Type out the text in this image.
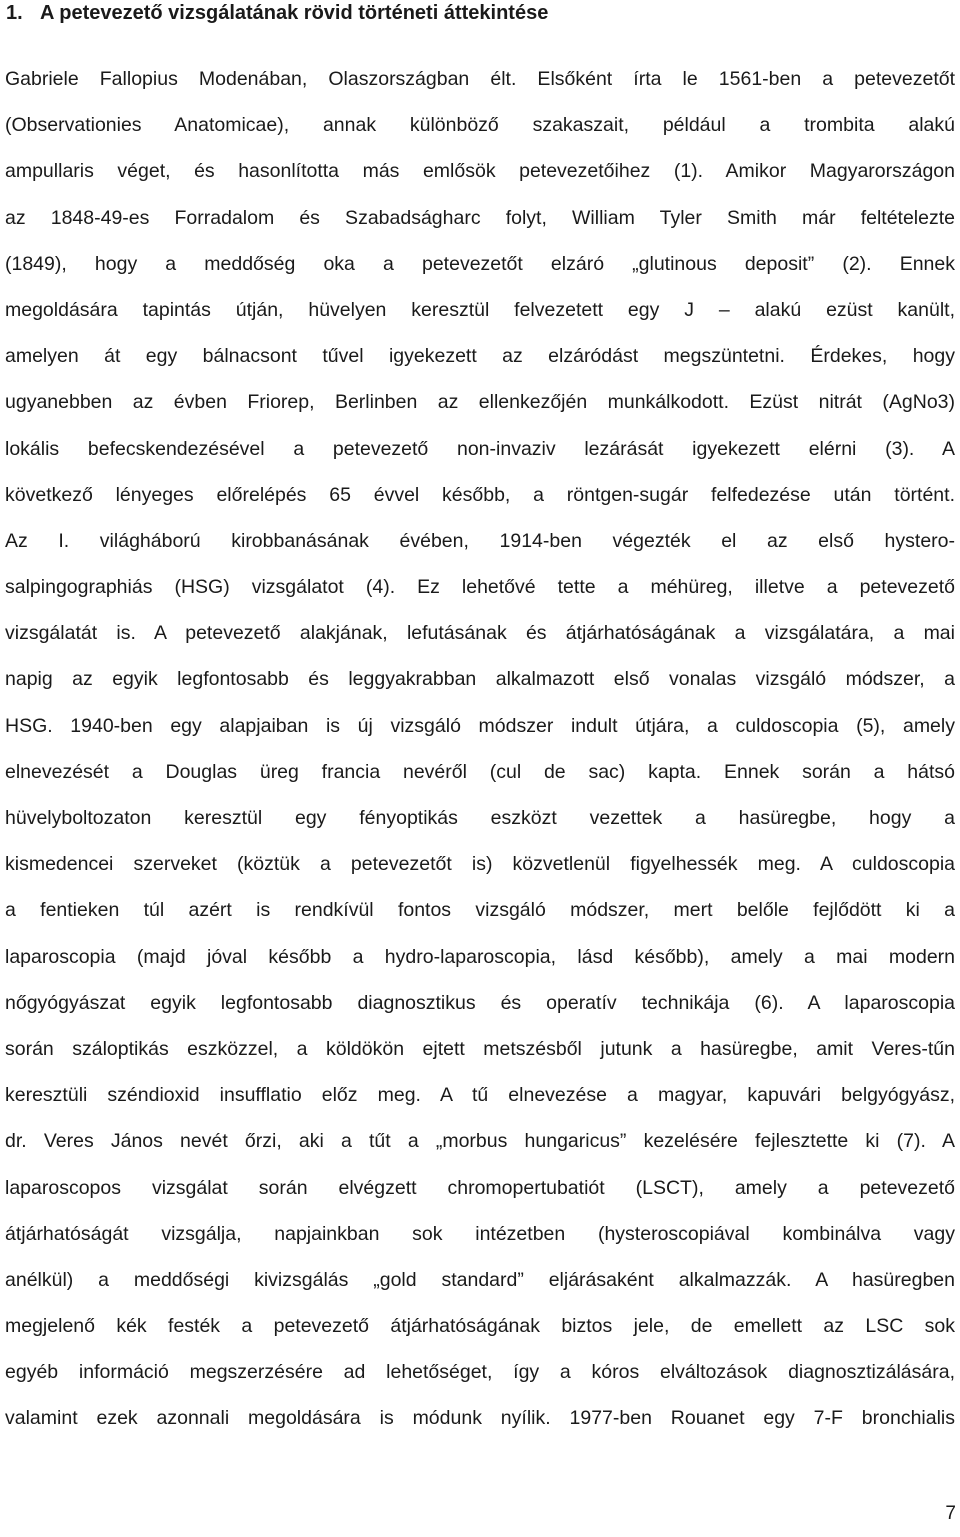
1. A petevezető vizsgálatának rövid történeti áttekintése
Gabriele Fallopius Modenában, Olaszországban élt. Elsőként írta le 1561-ben a petevezetőt
(Observationies Anatomicae), annak különböző szakaszait, például a trombita alakú
ampullaris véget, és hasonlította más emlősök petevezetőihez (1). Amikor Magyarországon
az 1848-49-es Forradalom és Szabadságharc folyt, William Tyler Smith már feltételezte
(1849), hogy a meddőség oka a petevezetőt elzáró „glutinous deposit” (2). Ennek
megoldására tapintás útján, hüvelyen keresztül felvezetett egy J – alakú ezüst kanült,
amelyen át egy bálnacsont tűvel igyekezett az elzáródást megszüntetni. Érdekes, hogy
ugyanebben az évben Friorep, Berlinben az ellenkezőjén munkálkodott. Ezüst nitrát (AgNo3)
lokális befecskendezésével a petevezető non-invaziv lezárását igyekezett elérni (3). A
következő lényeges előrelépés 65 évvel később, a röntgen-sugár felfedezése után történt.
Az I. világháború kirobbanásának évében, 1914-ben végezték el az első hystero-
salpingographiás (HSG) vizsgálatot (4). Ez lehetővé tette a méhüreg, illetve a petevezető
vizsgálatát is. A petevezető alakjának, lefutásának és átjárhatóságának a vizsgálatára, a mai
napig az egyik legfontosabb és leggyakrabban alkalmazott első vonalas vizsgáló módszer, a
HSG. 1940-ben egy alapjaiban is új vizsgáló módszer indult útjára, a culdoscopia (5), amely
elnevezését a Douglas üreg francia nevéről (cul de sac) kapta. Ennek során a hátsó
hüvelyboltozaton keresztül egy fényoptikás eszközt vezettek a hasüregbe, hogy a
kismedencei szerveket (köztük a petevezetőt is) közvetlenül figyelhessék meg. A culdoscopia
a fentieken túl azért is rendkívül fontos vizsgáló módszer, mert belőle fejlődött ki a
laparoscopia (majd jóval később a hydro-laparoscopia, lásd később), amely a mai modern
nőgyógyászat egyik legfontosabb diagnosztikus és operatív technikája (6). A laparoscopia
során száloptikás eszközzel, a köldökön ejtett metszésből jutunk a hasüregbe, amit Veres-tűn
keresztüli széndioxid insufflatio előz meg. A tű elnevezése a magyar, kapuvári belgyógyász,
dr. Veres János nevét őrzi, aki a tűt a „morbus hungaricus” kezelésére fejlesztette ki (7). A
laparoscopos vizsgálat során elvégzett chromopertubatiót (LSCT), amely a petevezető
átjárhatóságát vizsgálja, napjainkban sok intézetben (hysteroscopiával kombinálva vagy
anélkül) a meddőségi kivizsgálás „gold standard” eljárásaként alkalmazzák. A hasüregben
megjelenő kék festék a petevezető átjárhatóságának biztos jele, de emellett az LSC sok
egyéb információ megszerzésére ad lehetőséget, így a kóros elváltozások diagnosztizálására,
valamint ezek azonnali megoldására is módunk nyílik. 1977-ben Rouanet egy 7-F bronchialis
7
